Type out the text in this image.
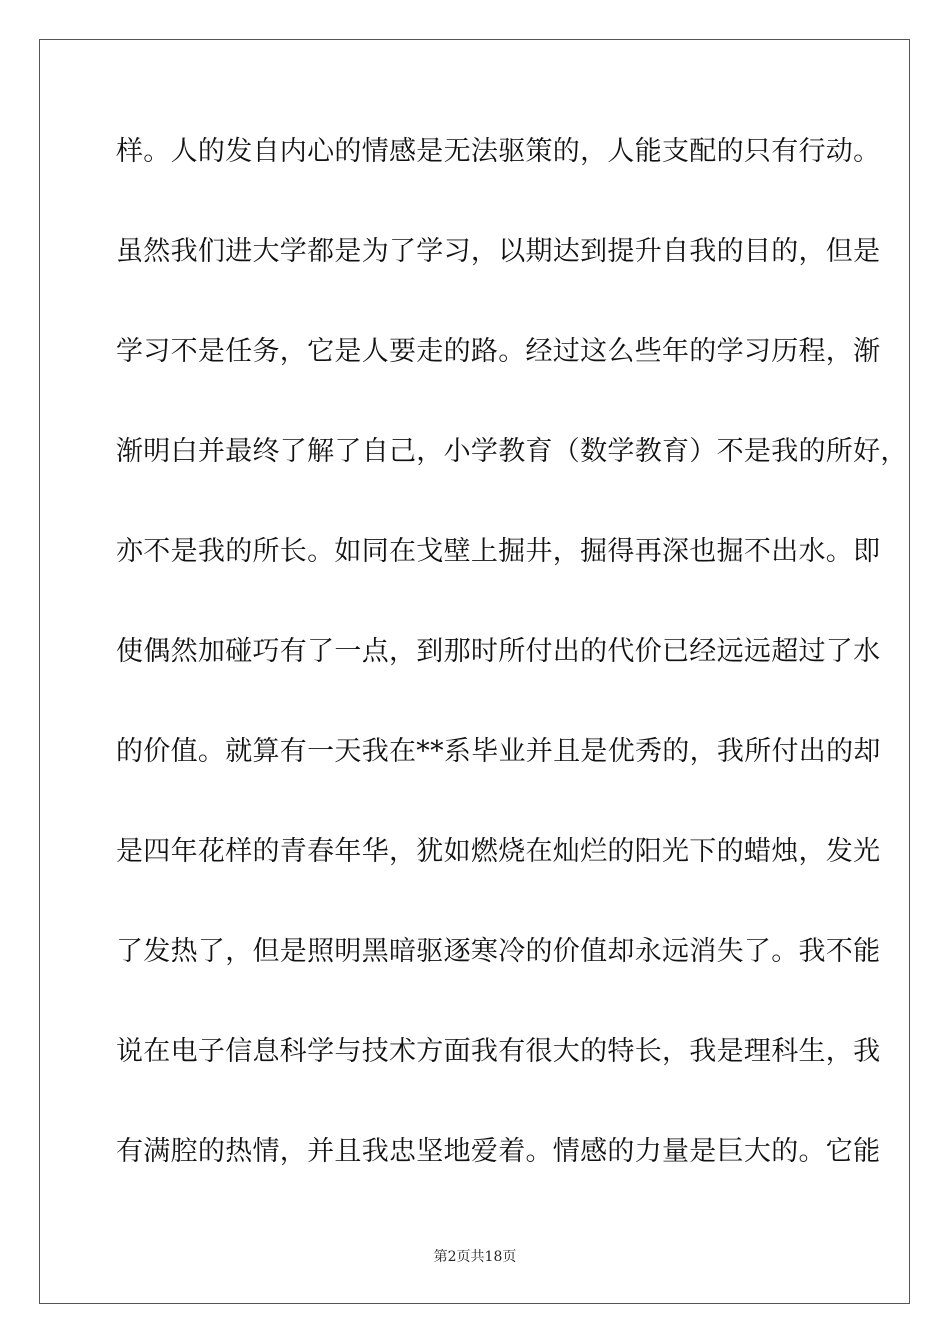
样。人的发自内心的情感是无法驱策的，人能支配的只有行动。
虽然我们进大学都是为了学习，以期达到提升自我的目的，但是
学习不是任务，它是人要走的路。经过这么些年的学习历程，渐
渐明白并最终了解了自己，小学教育（数学教育）不是我的所好，
亦不是我的所长。如同在戈壁上掘井，掘得再深也掘不出水。即
使偶然加碰巧有了一点，到那时所付出的代价已经远远超过了水
的价值。就算有一天我在**系毕业并且是优秀的，我所付出的却
是四年花样的青春年华，犹如燃烧在灿烂的阳光下的蜡烛，发光
了发热了，但是照明黑暗驱逐寒冷的价值却永远消失了。我不能
说在电子信息科学与技术方面我有很大的特长，我是理科生，我
有满腔的热情，并且我忠坚地爱着。情感的力量是巨大的。它能
第2页共18页
